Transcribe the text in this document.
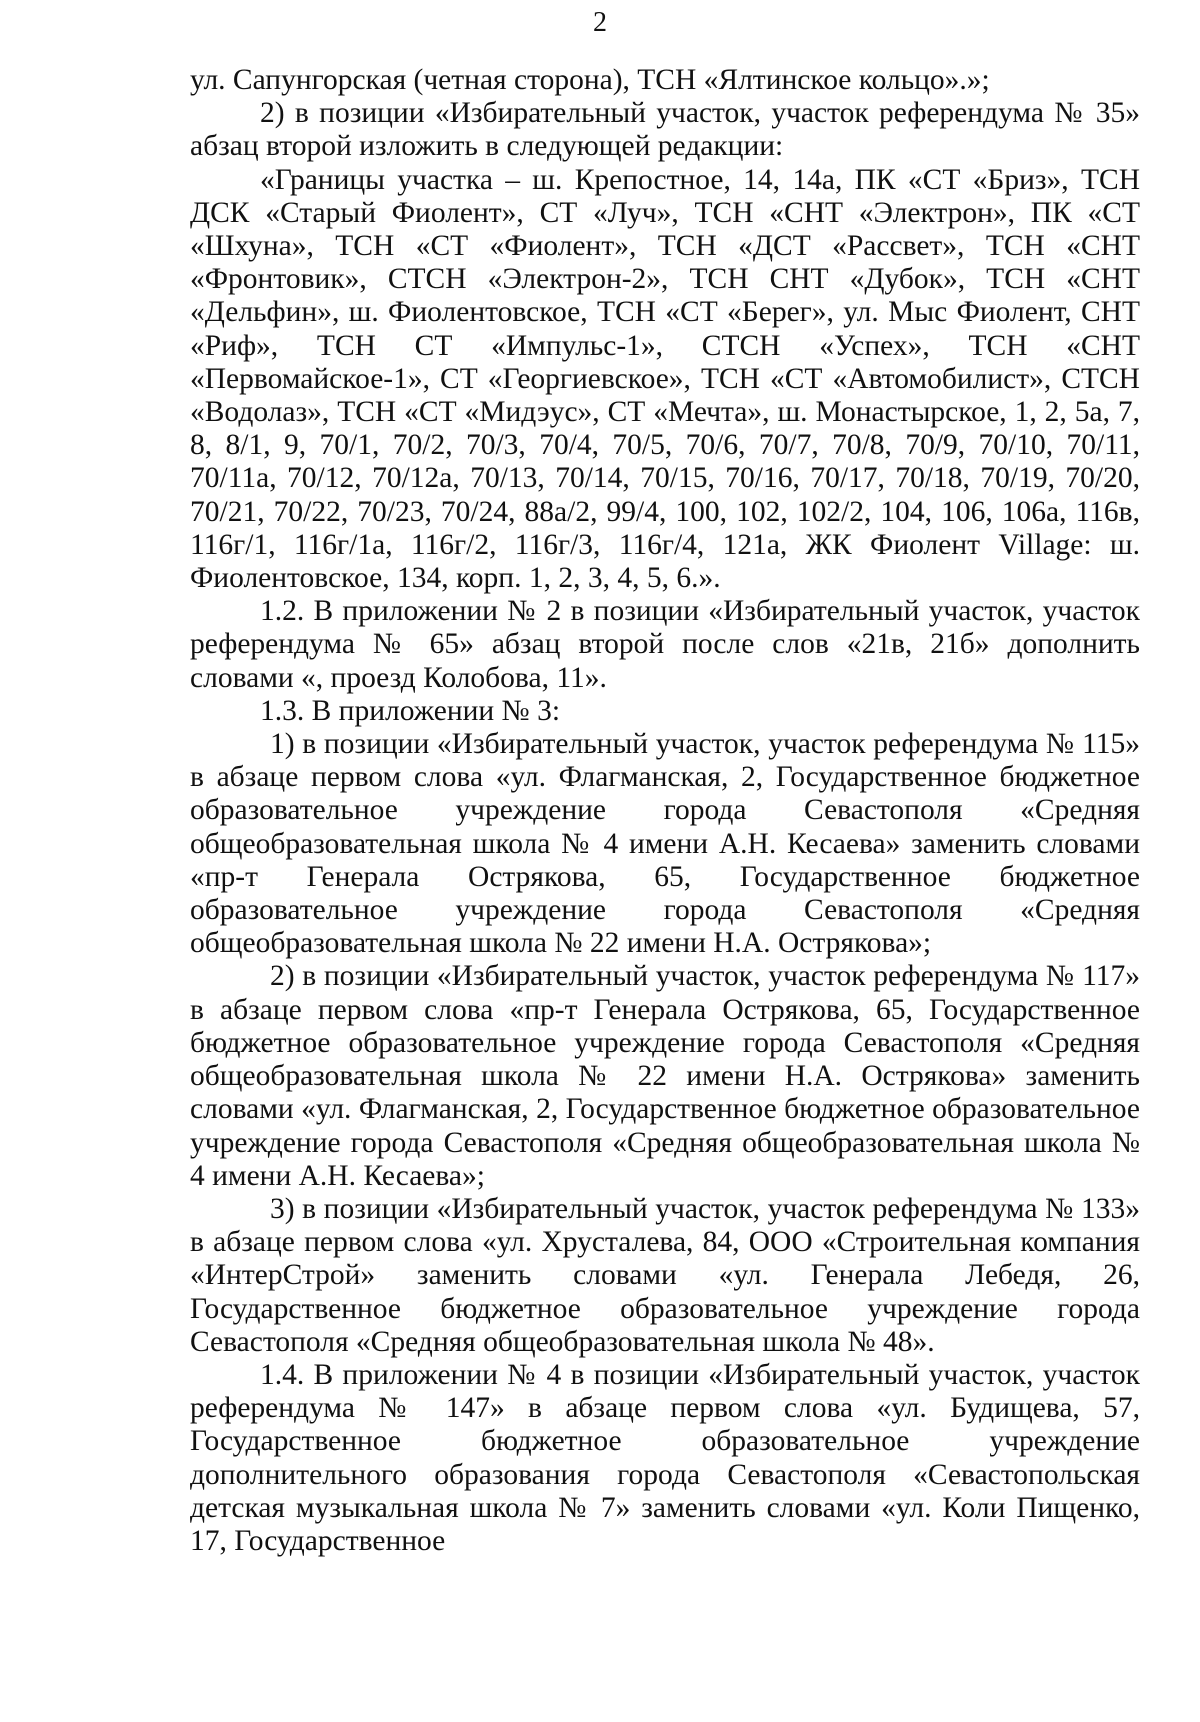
2

ул. Сапунгорская (четная сторона), ТСН «Ялтинское кольцо».»;

2) в позиции «Избирательный участок, участок референдума № 35» абзац второй изложить в следующей редакции:

«Границы участка – ш. Крепостное, 14, 14а, ПК «СТ «Бриз», ТСН ДСК «Старый Фиолент», СТ «Луч», ТСН «СНТ «Электрон», ПК «СТ «Шхуна», ТСН «СТ «Фиолент», ТСН «ДСТ «Рассвет», ТСН «СНТ «Фронтовик», СТСН «Электрон-2», ТСН СНТ «Дубок», ТСН «СНТ «Дельфин», ш. Фиолентовское, ТСН «СТ «Берег», ул. Мыс Фиолент, СНТ «Риф», ТСН СТ «Импульс-1», СТСН «Успех», ТСН «СНТ «Первомайское-1», СТ «Георгиевское», ТСН «СТ «Автомобилист», СТСН «Водолаз», ТСН «СТ «Мидэус», СТ «Мечта», ш. Монастырское, 1, 2, 5а, 7, 8, 8/1, 9, 70/1, 70/2, 70/3, 70/4, 70/5, 70/6, 70/7, 70/8, 70/9, 70/10, 70/11, 70/11а, 70/12, 70/12а, 70/13, 70/14, 70/15, 70/16, 70/17, 70/18, 70/19, 70/20, 70/21, 70/22, 70/23, 70/24, 88а/2, 99/4, 100, 102, 102/2, 104, 106, 106а, 116в, 116г/1, 116г/1а, 116г/2, 116г/3, 116г/4, 121а, ЖК Фиолент Village: ш. Фиолентовское, 134, корп. 1, 2, 3, 4, 5, 6.».

1.2. В приложении № 2 в позиции «Избирательный участок, участок референдума № 65» абзац второй после слов «21в, 21б» дополнить словами «, проезд Колобова, 11».

1.3. В приложении № 3:

1) в позиции «Избирательный участок, участок референдума № 115» в абзаце первом слова «ул. Флагманская, 2, Государственное бюджетное образовательное учреждение города Севастополя «Средняя общеобразовательная школа № 4 имени А.Н. Кесаева» заменить словами «пр-т Генерала Острякова, 65, Государственное бюджетное образовательное учреждение города Севастополя «Средняя общеобразовательная школа № 22 имени Н.А. Острякова»;

2) в позиции «Избирательный участок, участок референдума № 117» в абзаце первом слова «пр-т Генерала Острякова, 65, Государственное бюджетное образовательное учреждение города Севастополя «Средняя общеобразовательная школа № 22 имени Н.А. Острякова» заменить словами «ул. Флагманская, 2, Государственное бюджетное образовательное учреждение города Севастополя «Средняя общеобразовательная школа № 4 имени А.Н. Кесаева»;

3) в позиции «Избирательный участок, участок референдума № 133» в абзаце первом слова «ул. Хрусталева, 84, ООО «Строительная компания «ИнтерСтрой» заменить словами «ул. Генерала Лебедя, 26, Государственное бюджетное образовательное учреждение города Севастополя «Средняя общеобразовательная школа № 48».

1.4. В приложении № 4 в позиции «Избирательный участок, участок референдума № 147» в абзаце первом слова «ул. Будищева, 57, Государственное бюджетное образовательное учреждение дополнительного образования города Севастополя «Севастопольская детская музыкальная школа № 7» заменить словами «ул. Коли Пищенко, 17, Государственное
